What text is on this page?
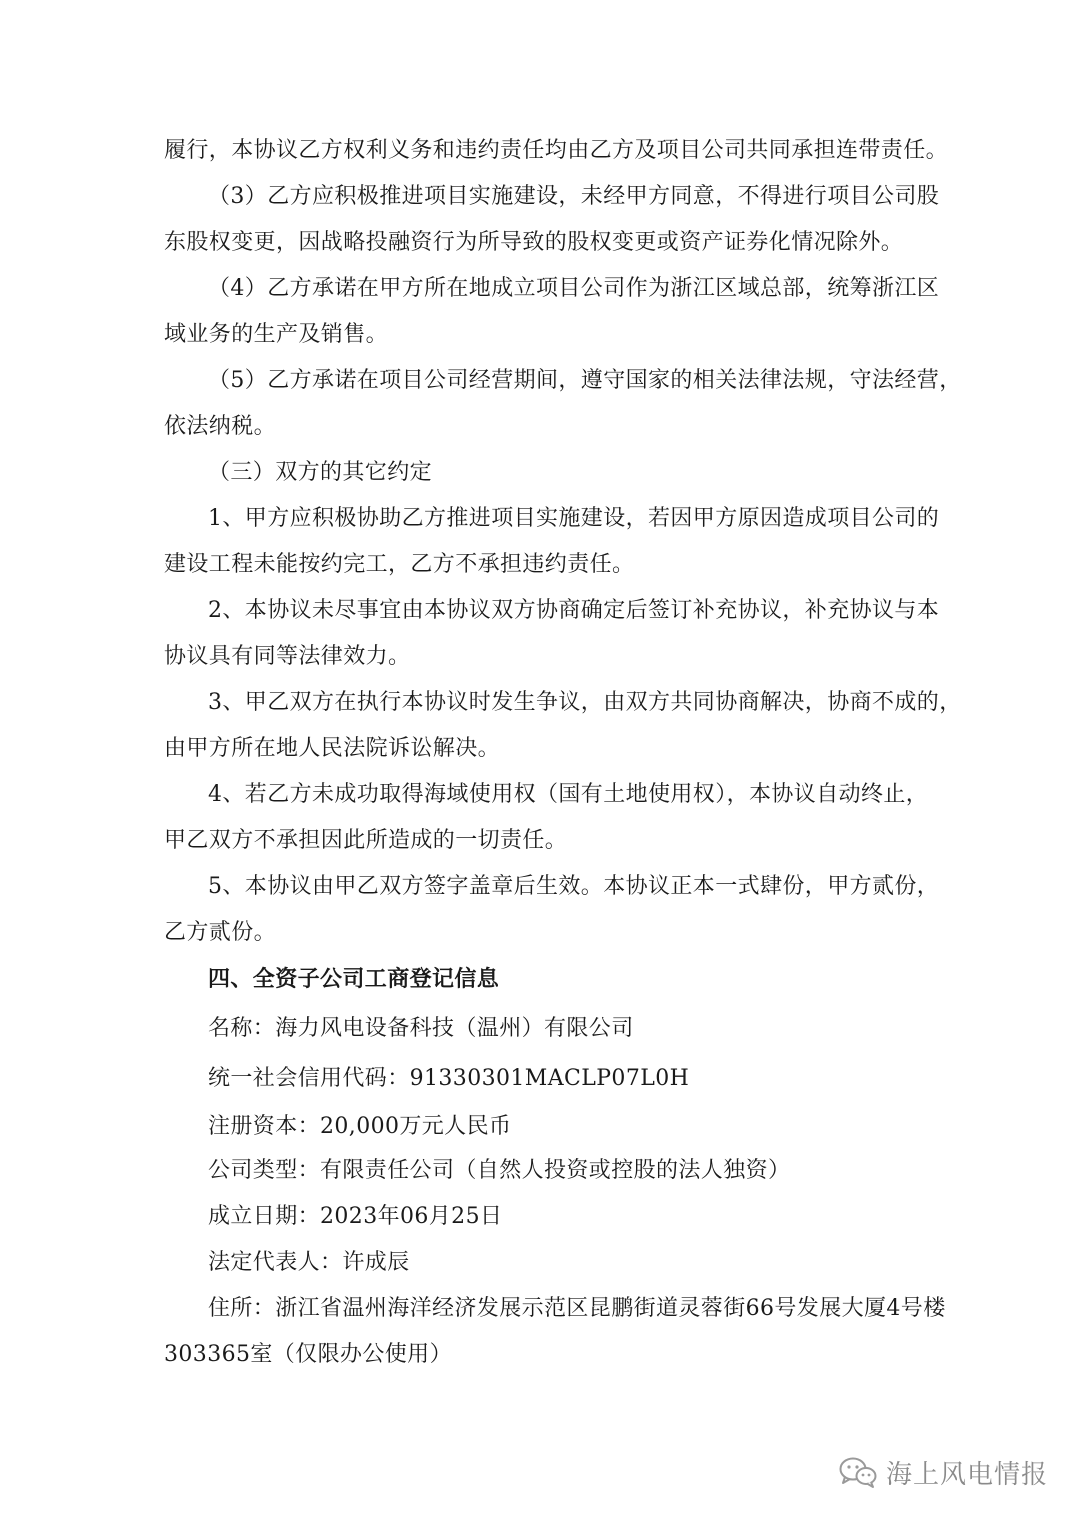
履行，本协议乙方权利义务和违约责任均由乙方及项目公司共同承担连带责任。
（3）乙方应积极推进项目实施建设，未经甲方同意，不得进行项目公司股
东股权变更，因战略投融资行为所导致的股权变更或资产证券化情况除外。
（4）乙方承诺在甲方所在地成立项目公司作为浙江区域总部，统筹浙江区
域业务的生产及销售。
（5）乙方承诺在项目公司经营期间，遵守国家的相关法律法规，守法经营，
依法纳税。
（三）双方的其它约定
1、甲方应积极协助乙方推进项目实施建设，若因甲方原因造成项目公司的
建设工程未能按约完工，乙方不承担违约责任。
2、本协议未尽事宜由本协议双方协商确定后签订补充协议，补充协议与本
协议具有同等法律效力。
3、甲乙双方在执行本协议时发生争议，由双方共同协商解决，协商不成的，
由甲方所在地人民法院诉讼解决。
4、若乙方未成功取得海域使用权（国有土地使用权），本协议自动终止，
甲乙双方不承担因此所造成的一切责任。
5、本协议由甲乙双方签字盖章后生效。本协议正本一式肆份，甲方贰份，
乙方贰份。
四、全资子公司工商登记信息
名称：海力风电设备科技（温州）有限公司
统一社会信用代码：91330301MACLP07L0H
注册资本：20,000万元人民币
公司类型：有限责任公司（自然人投资或控股的法人独资）
成立日期：2023年06月25日
法定代表人：许成辰
住所：浙江省温州海洋经济发展示范区昆鹏街道灵蓉街66号发展大厦4号楼
303365室（仅限办公使用）
海上风电情报
